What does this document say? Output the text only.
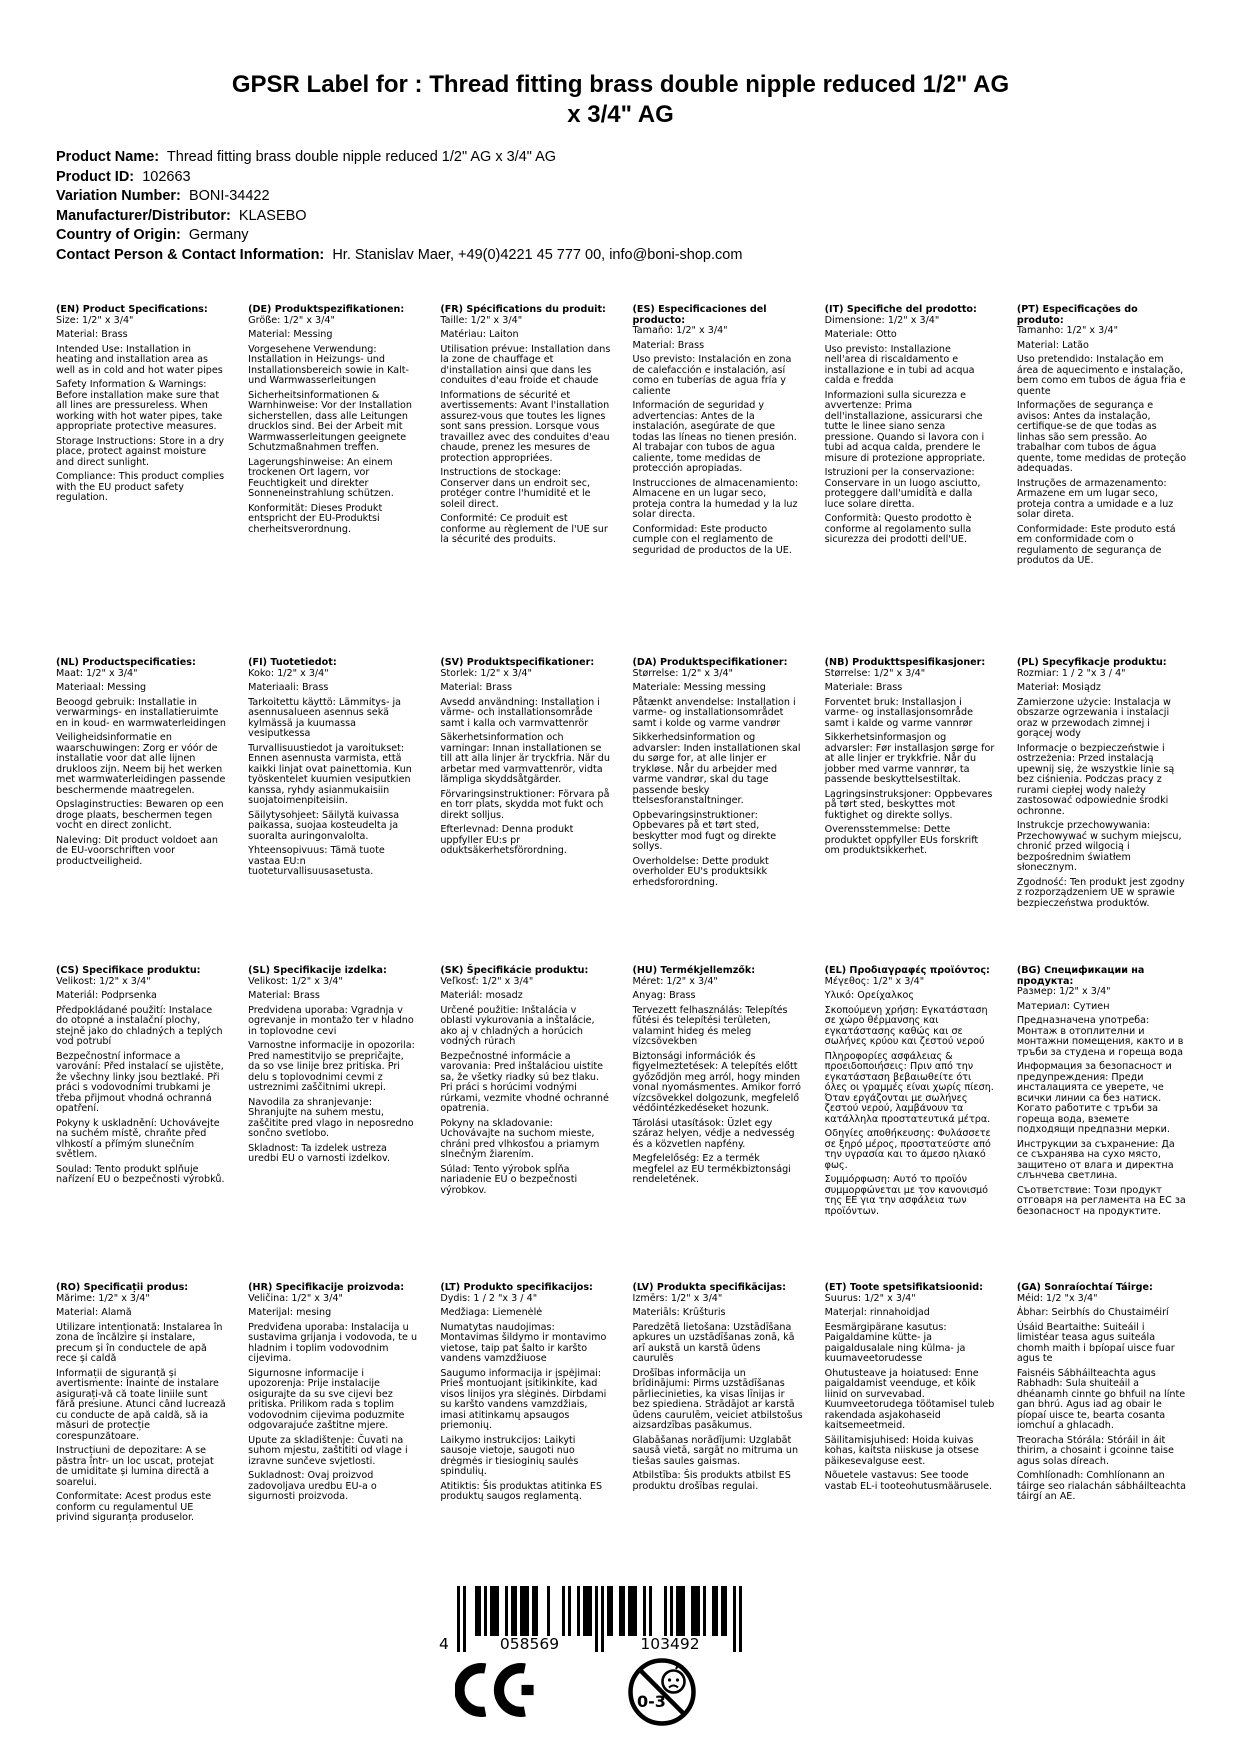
GPSR Label for : Thread fitting brass double nipple reduced 1/2" AG
x 3/4" AG
Product Name:  Thread fitting brass double nipple reduced 1/2" AG x 3/4" AG
Product ID:  102663
Variation Number:  BONI-34422
Manufacturer/Distributor:  KLASEBO
Country of Origin:  Germany
Contact Person & Contact Information:  Hr. Stanislav Maer, +49(0)4221 45 777 00, info@boni-shop.com
(EN) Product Specifications:

Size: 1/2" x 3/4"

Material: Brass

Intended Use: Installation in heating and installation area as well as in cold and hot water pipes

Safety Information & Warnings: Before installation make sure that all lines are pressureless. When working with hot water pipes, take appropriate protective measures.

Storage Instructions: Store in a dry place, protect against moisture and direct sunlight.

Compliance: This product complies with the EU product safety regulation.

(DE) Produktspezifikationen:

Größe: 1/2" x 3/4"

Material: Messing

Vorgesehene Verwendung: Installation in Heizungs- und Installationsbereich sowie in Kalt- und Warmwasserleitungen

Sicherheitsinformationen & Warnhinweise: Vor der Installation sicherstellen, dass alle Leitungen drucklos sind. Bei der Arbeit mit Warmwasserleitungen geeignete Schutzmaßnahmen treffen.

Lagerungshinweise: An einem trockenen Ort lagern, vor Feuchtigkeit und direkter Sonneneinstrahlung schützen.

Konformität: Dieses Produkt entspricht der EU-Produktsi cherheitsverordnung.

(FR) Spécifications du produit:

Taille: 1/2" x 3/4"

Matériau: Laiton

Utilisation prévue: Installation dans la zone de chauffage et d'installation ainsi que dans les conduites d'eau froide et chaude

Informations de sécurité et avertissements: Avant l'installation assurez-vous que toutes les lignes sont sans pression. Lorsque vous travaillez avec des conduites d'eau chaude, prenez les mesures de protection appropriées.

Instructions de stockage: Conserver dans un endroit sec, protéger contre l'humidité et le soleil direct.

Conformité: Ce produit est conforme au règlement de l'UE sur la sécurité des produits.

(ES) Especificaciones del producto:

Tamaño: 1/2" x 3/4"

Material: Brass

Uso previsto: Instalación en zona de calefacción e instalación, así como en tuberías de agua fría y caliente

Información de seguridad y advertencias: Antes de la instalación, asegúrate de que todas las líneas no tienen presión. Al trabajar con tubos de agua caliente, tome medidas de protección apropiadas.

Instrucciones de almacenamiento: Almacene en un lugar seco, proteja contra la humedad y la luz solar directa.

Conformidad: Este producto cumple con el reglamento de seguridad de productos de la UE.

(IT) Specifiche del prodotto:

Dimensione: 1/2" x 3/4"

Materiale: Otto

Uso previsto: Installazione nell'area di riscaldamento e installazione e in tubi ad acqua calda e fredda

Informazioni sulla sicurezza e avvertenze: Prima dell'installazione, assicurarsi che tutte le linee siano senza pressione. Quando si lavora con i tubi ad acqua calda, prendere le misure di protezione appropriate.

Istruzioni per la conservazione: Conservare in un luogo asciutto, proteggere dall'umidità e dalla luce solare diretta.

Conformità: Questo prodotto è conforme al regolamento sulla sicurezza dei prodotti dell'UE.

(PT) Especificações do produto:

Tamanho: 1/2" x 3/4"

Material: Latão

Uso pretendido: Instalação em área de aquecimento e instalação, bem como em tubos de água fria e quente

Informações de segurança e avisos: Antes da instalação, certifique-se de que todas as linhas são sem pressão. Ao trabalhar com tubos de água quente, tome medidas de proteção adequadas.

Instruções de armazenamento: Armazene em um lugar seco, proteja contra a umidade e a luz solar direta.

Conformidade: Este produto está em conformidade com o regulamento de segurança de produtos da UE.

(NL) Productspecificaties:

Maat: 1/2" x 3/4"

Materiaal: Messing

Beoogd gebruik: Installatie in verwarmings- en installatieruimte en in koud- en warmwaterleidingen

Veiligheidsinformatie en waarschuwingen: Zorg er vóór de installatie voor dat alle lijnen drukloos zijn. Neem bij het werken met warmwaterleidingen passende beschermende maatregelen.

Opslaginstructies: Bewaren op een droge plaats, beschermen tegen vocht en direct zonlicht.

Naleving: Dit product voldoet aan de EU-voorschriften voor productveiligheid.

(FI) Tuotetiedot:

Koko: 1/2" x 3/4"

Materiaali: Brass

Tarkoitettu käyttö: Lämmitys- ja asennusalueen asennus sekä kylmässä ja kuumassa vesiputkessa

Turvallisuustiedot ja varoitukset: Ennen asennusta varmista, että kaikki linjat ovat painettomia. Kun työskentelet kuumien vesiputkien kanssa, ryhdy asianmukaisiin suojatoimenpiteisiin.

Säilytysohjeet: Säilytä kuivassa paikassa, suojaa kosteudelta ja suoralta auringonvalolta.

Yhteensopivuus: Tämä tuote vastaa EU:n tuoteturvallisuusasetusta.

(SV) Produktspecifikationer:

Storlek: 1/2" x 3/4"

Material: Brass

Avsedd användning: Installation i värme- och installationsområde samt i kalla och varmvattenrör

Säkerhetsinformation och varningar: Innan installationen se till att alla linjer är tryckfria. När du arbetar med varmvattenrör, vidta lämpliga skyddsåtgärder.

Förvaringsinstruktioner: Förvara på en torr plats, skydda mot fukt och direkt solljus.

Efterlevnad: Denna produkt uppfyller EU:s pr oduktsäkerhetsförordning.

(DA) Produktspecifikationer:

Størrelse: 1/2" x 3/4"

Materiale: Messing messing

Påtænkt anvendelse: Installation i varme- og installationsområdet samt i kolde og varme vandrør

Sikkerhedsinformation og advarsler: Inden installationen skal du sørge for, at alle linjer er trykløse. Når du arbejder med varme vandrør, skal du tage passende besky ttelsesforanstaltninger.

Opbevaringsinstruktioner: Opbevares på et tørt sted, beskytter mod fugt og direkte sollys.

Overholdelse: Dette produkt overholder EU's produktsikk erhedsforordning.

(NB) Produkttspesifikasjoner:

Størrelse: 1/2" x 3/4"

Materiale: Brass

Forventet bruk: Installasjon i varme- og installasjonsområde samt i kalde og varme vannrør

Sikkerhetsinformasjon og advarsler: Før installasjon sørge for at alle linjer er trykkfrie. Når du jobber med varme vannrør, ta passende beskyttelsestiltak.

Lagringsinstruksjoner: Oppbevares på tørt sted, beskyttes mot fuktighet og direkte sollys.

Overensstemmelse: Dette produktet oppfyller EUs forskrift om produktsikkerhet.

(PL) Specyfikacje produktu:

Rozmiar: 1 / 2 "x 3 / 4"

Materiał: Mosiądz

Zamierzone użycie: Instalacja w obszarze ogrzewania i instalacji oraz w przewodach zimnej i gorącej wody

Informacje o bezpieczeństwie i ostrzeżenia: Przed instalacją upewnij się, że wszystkie linie są bez ciśnienia. Podczas pracy z rurami ciepłej wody należy zastosować odpowiednie środki ochronne.

Instrukcje przechowywania: Przechowywać w suchym miejscu, chronić przed wilgocią i bezpośrednim światłem słonecznym.

Zgodność: Ten produkt jest zgodny z rozporządzeniem UE w sprawie bezpieczeństwa produktów.

(CS) Specifikace produktu:

Velikost: 1/2" x 3/4"

Materiál: Podprsenka

Předpokládané použití: Instalace do otopné a instalační plochy, stejně jako do chladných a teplých vod potrubí

Bezpečnostní informace a varování: Před instalací se ujistěte, že všechny linky jsou beztlaké. Při práci s vodovodními trubkami je třeba přijmout vhodná ochranná opatření.

Pokyny k uskladnění: Uchovávejte na suchém místě, chraňte před vlhkostí a přímým slunečním světlem.

Soulad: Tento produkt splňuje nařízení EU o bezpečnosti výrobků.

(SL) Specifikacije izdelka:

Velikost: 1/2" x 3/4"

Material: Brass

Predvidena uporaba: Vgradnja v ogrevanje in montažo ter v hladno in toplovodne cevi

Varnostne informacije in opozorila: Pred namestitvijo se prepričajte, da so vse linije brez pritiska. Pri delu s toplovodnimi cevmi z ustreznimi zaščitnimi ukrepi.

Navodila za shranjevanje: Shranjujte na suhem mestu, zaščitite pred vlago in neposredno sončno svetlobo.

Skladnost: Ta izdelek ustreza uredbi EU o varnosti izdelkov.

(SK) Špecifikácie produktu:

Veľkosť: 1/2" x 3/4"

Materiál: mosadz

Určené použitie: Inštalácia v oblasti vykurovania a inštalácie, ako aj v chladných a horúcich vodných rúrach

Bezpečnostné informácie a varovania: Pred inštaláciou uistite sa, že všetky riadky sú bez tlaku. Pri práci s horúcimi vodnými rúrkami, vezmite vhodné ochranné opatrenia.

Pokyny na skladovanie: Uchovávajte na suchom mieste, chráni pred vlhkosťou a priamym slnečným žiarením.

Súlad: Tento výrobok spĺňa nariadenie EÚ o bezpečnosti výrobkov.

(HU) Termékjellemzők:

Méret: 1/2" x 3/4"

Anyag: Brass

Tervezett felhasználás: Telepítés fűtési és telepítési területen, valamint hideg és meleg vízcsövekben

Biztonsági információk és figyelmeztetések: A telepítés előtt győződjön meg arról, hogy minden vonal nyomásmentes. Amikor forró vízcsövekkel dolgozunk, megfelelő védőintézkedéseket hozunk.

Tárolási utasítások: Üzlet egy száraz helyen, védje a nedvesség és a közvetlen napfény.

Megfelelőség: Ez a termék megfelel az EU termékbiztonsági rendeletének.

(EL) Προδιαγραφές προϊόντος:

Μέγεθος: 1/2" x 3/4"

Υλικό: Ορείχαλκος

Σκοπούμενη χρήση: Εγκατάσταση σε χώρο θέρμανσης και εγκατάστασης καθώς και σε σωλήνες κρύου και ζεστού νερού

Πληροφορίες ασφάλειας & προειδοποιήσεις: Πριν από την εγκατάσταση βεβαιωθείτε ότι όλες οι γραμμές είναι χωρίς πίεση. Όταν εργάζονται με σωλήνες ζεστού νερού, λαμβάνουν τα κατάλληλα προστατευτικά μέτρα.

Οδηγίες αποθήκευσης: Φυλάσσετε σε ξηρό μέρος, προστατεύστε από την υγρασία και το άμεσο ηλιακό φως.

Συμμόρφωση: Αυτό το προϊόν συμμορφώνεται με τον κανονισμό της ΕΕ για την ασφάλεια των προϊόντων.

(BG) Спецификации на продукта:

Размер: 1/2" x 3/4"

Материал: Сутиен

Предназначена употреба: Монтаж в отоплителни и монтажни помещения, както и в тръби за студена и гореща вода

Информация за безопасност и предупреждения: Преди инсталацията се уверете, че всички линии са без натиск. Когато работите с тръби за гореща вода, вземете подходящи предпазни мерки.

Инструкции за съхранение: Да се съхранява на сухо място, защитено от влага и директна слънчева светлина.

Съответствие: Този продукт отговаря на регламента на ЕС за безопасност на продуктите.

(RO) Specificații produs:

Mărime: 1/2" x 3/4"

Material: Alamă

Utilizare intenționată: Instalarea în zona de încălzire și instalare, precum și în conductele de apă rece și caldă

Informații de siguranță și avertismente: Înainte de instalare asigurați-vă că toate liniile sunt fără presiune. Atunci când lucrează cu conducte de apă caldă, să ia măsuri de protecție corespunzătoare.

Instrucțiuni de depozitare: A se păstra într- un loc uscat, protejat de umiditate și lumina directă a soarelui.

Conformitate: Acest produs este conform cu regulamentul UE privind siguranța produselor.

(HR) Specifikacije proizvoda:

Veličina: 1/2" x 3/4"

Materijal: mesing

Predviđena uporaba: Instalacija u sustavima grijanja i vodovoda, te u hladnim i toplim vodovodnim cijevima.

Sigurnosne informacije i upozorenja: Prije instalacije osigurajte da su sve cijevi bez pritiska. Prilikom rada s toplim vodovodnim cijevima poduzmite odgovarajuće zaštitne mjere.

Upute za skladištenje: Čuvati na suhom mjestu, zaštititi od vlage i izravne sunčeve svjetlosti.

Sukladnost: Ovaj proizvod zadovoljava uredbu EU-a o sigurnosti proizvoda.

(LT) Produkto specifikacijos:

Dydis: 1 / 2 "x 3 / 4"

Medžiaga: Liemenėlė

Numatytas naudojimas: Montavimas šildymo ir montavimo vietose, taip pat šalto ir karšto vandens vamzdžiuose

Saugumo informacija ir įspėjimai: Prieš montuojant įsitikinkite, kad visos linijos yra slėginės. Dirbdami su karšto vandens vamzdžiais, imasi atitinkamų apsaugos priemonių.

Laikymo instrukcijos: Laikyti sausoje vietoje, saugoti nuo drėgmės ir tiesioginių saulės spindulių.

Atitiktis: Šis produktas atitinka ES produktų saugos reglamentą.

(LV) Produkta specifikācijas:

Izmērs: 1/2" x 3/4"

Materiāls: Krūšturis

Paredzētā lietošana: Uzstādīšana apkures un uzstādīšanas zonā, kā arī aukstā un karstā ūdens caurulēs

Drošības informācija un brīdinājumi: Pirms uzstādīšanas pārliecinieties, ka visas līnijas ir bez spiediena. Strādājot ar karstā ūdens caurulēm, veiciet atbilstošus aizsardzības pasākumus.

Glabāšanas norādījumi: Uzglabāt sausā vietā, sargāt no mitruma un tiešas saules gaismas.

Atbilstība: Šis produkts atbilst ES produktu drošības regulai.

(ET) Toote spetsifikatsioonid:

Suurus: 1/2" x 3/4"

Materjal: rinnahoidjad

Eesmärgipärane kasutus: Paigaldamine kütte- ja paigaldusalale ning külma- ja kuumaveetorudesse

Ohutusteave ja hoiatused: Enne paigaldamist veenduge, et kõik liinid on survevabad. Kuumveetorudega töötamisel tuleb rakendada asjakohaseid kaitsemeetmeid.

Säilitamisjuhised: Hoida kuivas kohas, kaitsta niiskuse ja otsese päikesevalguse eest.

Nõuetele vastavus: See toode vastab EL-i tooteohutusmäärusele.

(GA) Sonraíochtaí Táirge:

Méid: 1/2 "x 3/4"

Ábhar: Seirbhís do Chustaiméirí

Úsáid Beartaithe: Suiteáil i limistéar teasa agus suiteála chomh maith i bpíopaí uisce fuar agus te

Faisnéis Sábháilteachta agus Rabhadh: Sula shuiteáil a dhéanamh cinnte go bhfuil na línte gan bhrú. Agus iad ag obair le píopaí uisce te, bearta cosanta iomchuí a ghlacadh.

Treoracha Stórála: Stóráil in áit thirim, a chosaint i gcoinne taise agus solas díreach.

Comhlíonadh: Comhlíonann an táirge seo rialachán sábháilteachta táirgí an AE.

4	058569	103492
0-3
